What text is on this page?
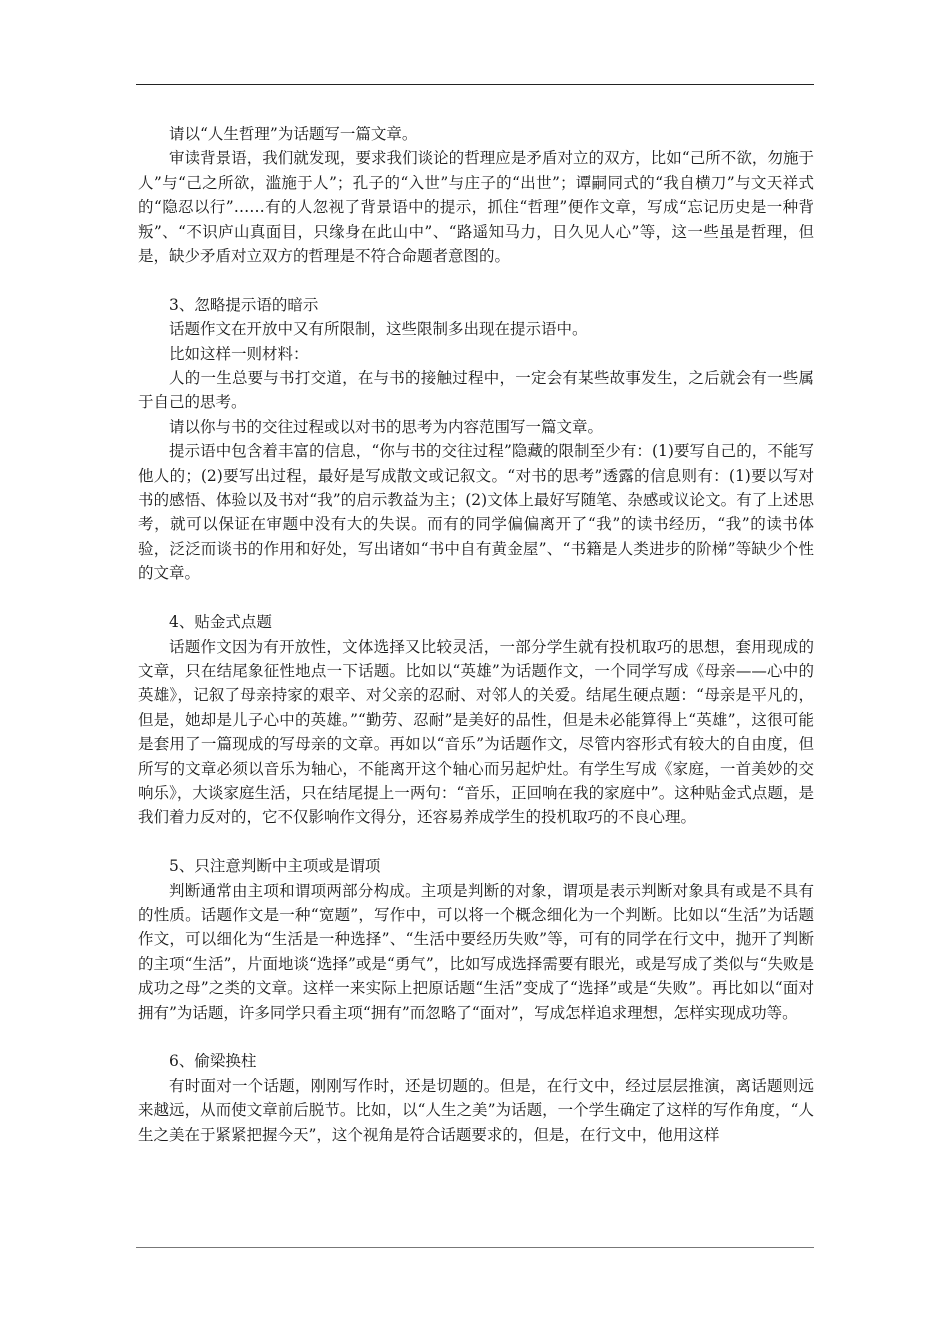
请以“人生哲理”为话题写一篇文章。

审读背景语，我们就发现，要求我们谈论的哲理应是矛盾对立的双方，比如“己所不欲，勿施于人”与“己之所欲，滥施于人”；孔子的“入世”与庄子的“出世”；谭嗣同式的“我自横刀”与文天祥式的“隐忍以行”……有的人忽视了背景语中的提示，抓住“哲理”便作文章，写成“忘记历史是一种背叛”、“不识庐山真面目，只缘身在此山中”、“路遥知马力，日久见人心”等，这一些虽是哲理，但是，缺少矛盾对立双方的哲理是不符合命题者意图的。

3、忽略提示语的暗示

话题作文在开放中又有所限制，这些限制多出现在提示语中。

比如这样一则材料：

人的一生总要与书打交道，在与书的接触过程中，一定会有某些故事发生，之后就会有一些属于自己的思考。

请以你与书的交往过程或以对书的思考为内容范围写一篇文章。

提示语中包含着丰富的信息，“你与书的交往过程”隐藏的限制至少有：(1)要写自己的，不能写他人的；(2)要写出过程，最好是写成散文或记叙文。“对书的思考”透露的信息则有：(1)要以写对书的感悟、体验以及书对“我”的启示教益为主；(2)文体上最好写随笔、杂感或议论文。有了上述思考，就可以保证在审题中没有大的失误。而有的同学偏偏离开了“我”的读书经历，“我”的读书体验，泛泛而谈书的作用和好处，写出诸如“书中自有黄金屋”、“书籍是人类进步的阶梯”等缺少个性的文章。

4、贴金式点题

话题作文因为有开放性，文体选择又比较灵活，一部分学生就有投机取巧的思想，套用现成的文章，只在结尾象征性地点一下话题。比如以“英雄”为话题作文，一个同学写成《母亲——心中的英雄》，记叙了母亲持家的艰辛、对父亲的忍耐、对邻人的关爱。结尾生硬点题：“母亲是平凡的，但是，她却是儿子心中的英雄。”“勤劳、忍耐”是美好的品性，但是未必能算得上“英雄”，这很可能是套用了一篇现成的写母亲的文章。再如以“音乐”为话题作文，尽管内容形式有较大的自由度，但所写的文章必须以音乐为轴心，不能离开这个轴心而另起炉灶。有学生写成《家庭，一首美妙的交响乐》，大谈家庭生活，只在结尾提上一两句：“音乐，正回响在我的家庭中”。这种贴金式点题，是我们着力反对的，它不仅影响作文得分，还容易养成学生的投机取巧的不良心理。

5、只注意判断中主项或是谓项

判断通常由主项和谓项两部分构成。主项是判断的对象，谓项是表示判断对象具有或是不具有的性质。话题作文是一种“宽题”，写作中，可以将一个概念细化为一个判断。比如以“生活”为话题作文，可以细化为“生活是一种选择”、“生活中要经历失败”等，可有的同学在行文中，抛开了判断的主项“生活”，片面地谈“选择”或是“勇气”，比如写成选择需要有眼光，或是写成了类似与“失败是成功之母”之类的文章。这样一来实际上把原话题“生活”变成了“选择”或是“失败”。再比如以“面对拥有”为话题，许多同学只看主项“拥有”而忽略了“面对”，写成怎样追求理想，怎样实现成功等。

6、偷梁换柱

有时面对一个话题，刚刚写作时，还是切题的。但是，在行文中，经过层层推演，离话题则远来越远，从而使文章前后脱节。比如，以“人生之美”为话题，一个学生确定了这样的写作角度，“人生之美在于紧紧把握今天”，这个视角是符合话题要求的，但是，在行文中，他用这样
